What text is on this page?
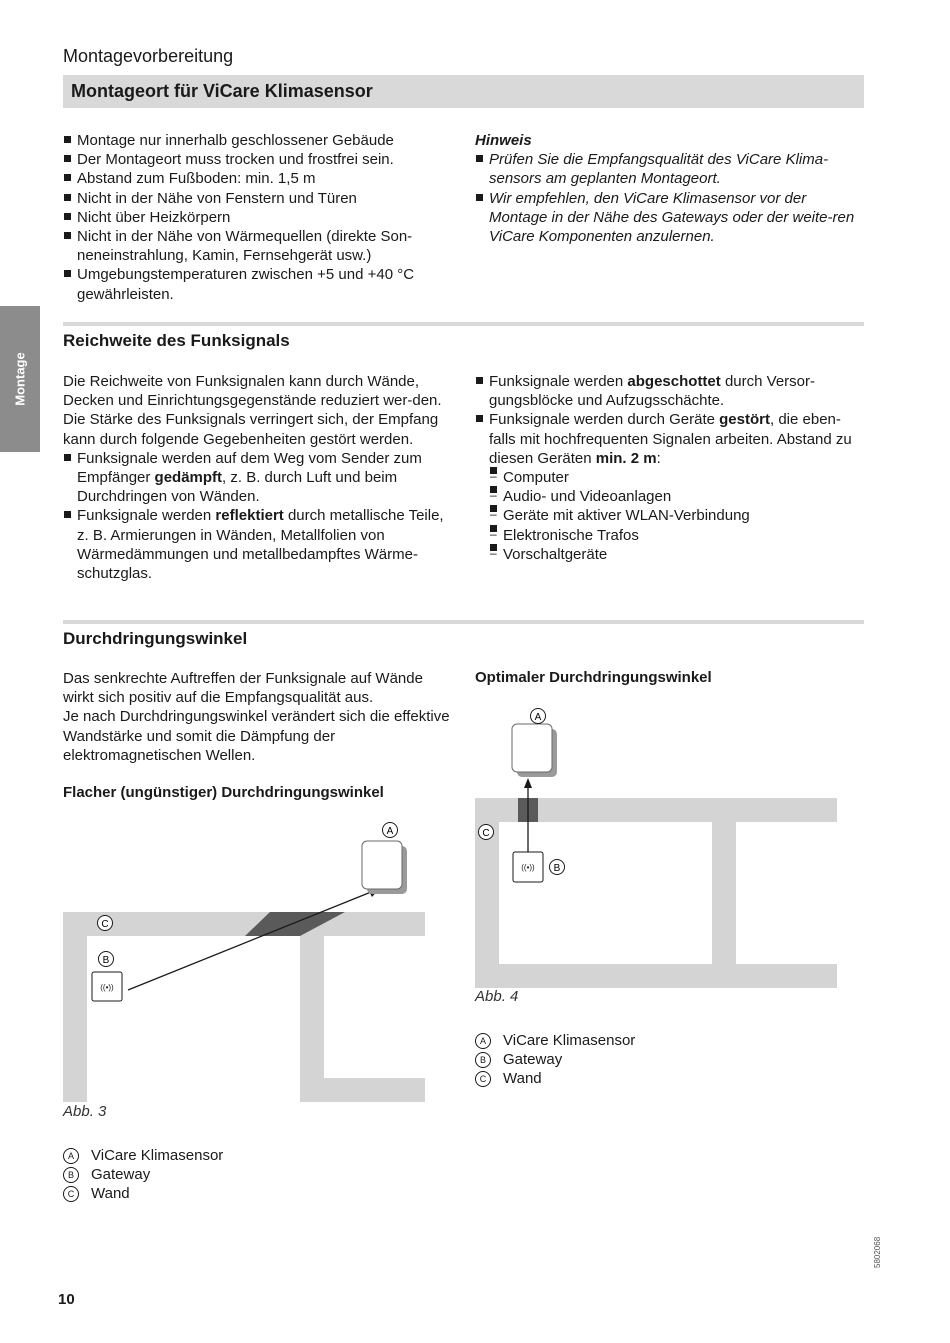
Montagevorbereitung
Montageort für ViCare Klimasensor
Montage
Montage nur innerhalb geschlossener Gebäude
Der Montageort muss trocken und frostfrei sein.
Abstand zum Fußboden: min. 1,5 m
Nicht in der Nähe von Fenstern und Türen
Nicht über Heizkörpern
Nicht in der Nähe von Wärmequellen (direkte Son-neneinstrahlung, Kamin, Fernsehgerät usw.)
Umgebungstemperaturen zwischen +5 und +40 °C gewährleisten.
Hinweis
Prüfen Sie die Empfangsqualität des ViCare Klima-sensors am geplanten Montageort.
Wir empfehlen, den ViCare Klimasensor vor der Montage in der Nähe des Gateways oder der weite-ren ViCare Komponenten anzulernen.
Reichweite des Funksignals
Die Reichweite von Funksignalen kann durch Wände, Decken und Einrichtungsgegenstände reduziert wer-den. Die Stärke des Funksignals verringert sich, der Empfang kann durch folgende Gegebenheiten gestört werden.
Funksignale werden auf dem Weg vom Sender zum Empfänger gedämpft, z. B. durch Luft und beim Durchdringen von Wänden.
Funksignale werden reflektiert durch metallische Teile, z. B. Armierungen in Wänden, Metallfolien von Wärmedämmungen und metallbedampftes Wärme-schutzglas.
Funksignale werden abgeschottet durch Versor-gungsblöcke und Aufzugsschächte.
Funksignale werden durch Geräte gestört, die eben-falls mit hochfrequenten Signalen arbeiten. Abstand zu diesen Geräten min. 2 m:
– Computer
– Audio- und Videoanlagen
– Geräte mit aktiver WLAN-Verbindung
– Elektronische Trafos
– Vorschaltgeräte
Durchdringungswinkel
Das senkrechte Auftreffen der Funksignale auf Wände wirkt sich positiv auf die Empfangsqualität aus.
Je nach Durchdringungswinkel verändert sich die effektive Wandstärke und somit die Dämpfung der elektromagnetischen Wellen.
Flacher (ungünstiger) Durchdringungswinkel
Optimaler Durchdringungswinkel
((•))
A
C
B
((•))
A
C
B
Abb. 3
Abb. 4
A	ViCare Klimasensor
B	Gateway
C	Wand
A	ViCare Klimasensor
B	Gateway
C	Wand
10
5802068
